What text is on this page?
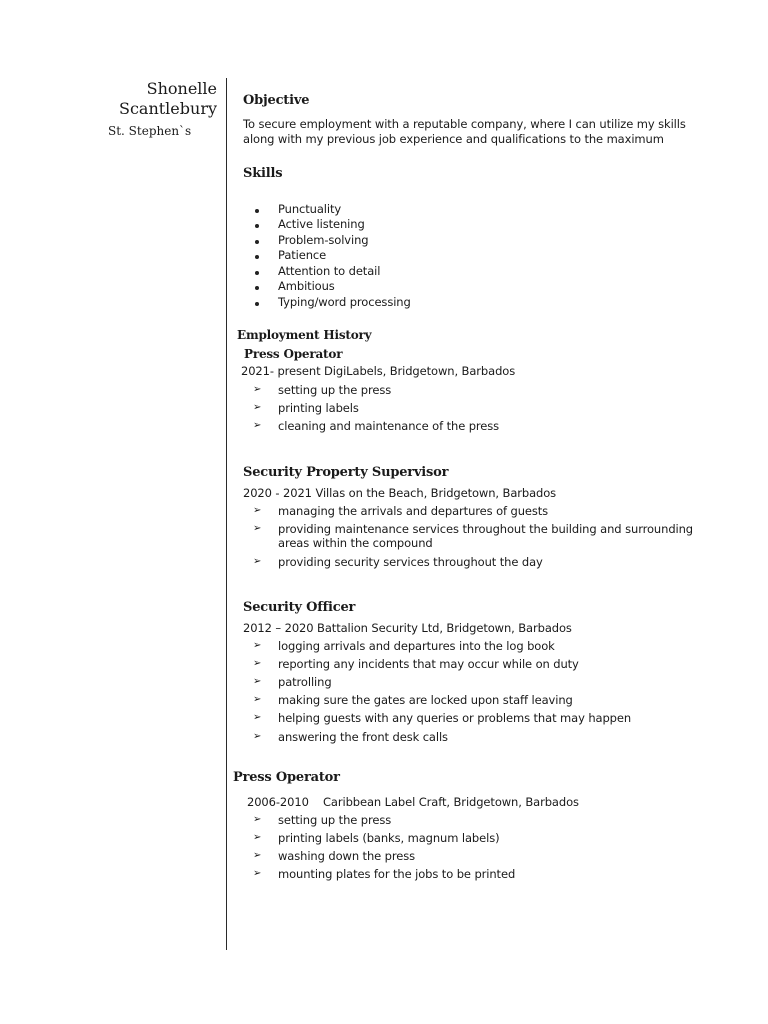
Shonelle
Scantlebury
St. Stephen`s
Objective
To secure employment with a reputable company, where I can utilize my skills
along with my previous job experience and qualifications to the maximum
Skills
Punctuality
Active listening
Problem-solving
Patience
Attention to detail
Ambitious
Typing/word processing
Employment History
Press Operator
2021- present DigiLabels, Bridgetown, Barbados
➢	setting up the press
➢	printing labels
➢	cleaning and maintenance of the press
Security Property Supervisor
2020 - 2021 Villas on the Beach, Bridgetown, Barbados
➢	managing the arrivals and departures of guests
➢	providing maintenance services throughout the building and surrounding
areas within the compound
➢	providing security services throughout the day
Security Officer
2012 – 2020 Battalion Security Ltd, Bridgetown, Barbados
➢	logging arrivals and departures into the log book
➢	reporting any incidents that may occur while on duty
➢	patrolling
➢	making sure the gates are locked upon staff leaving
➢	helping guests with any queries or problems that may happen
➢	answering the front desk calls
Press Operator
2006-2010    Caribbean Label Craft, Bridgetown, Barbados
➢	setting up the press
➢	printing labels (banks, magnum labels)
➢	washing down the press
➢	mounting plates for the jobs to be printed
